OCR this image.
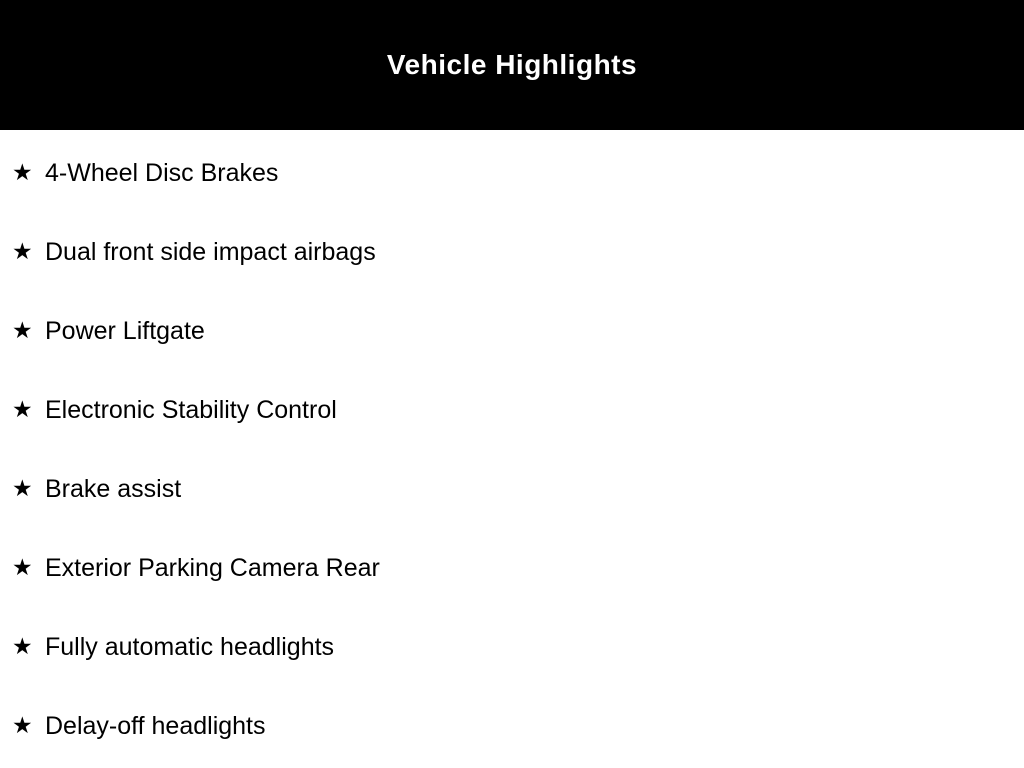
Vehicle Highlights
★ 4-Wheel Disc Brakes
★ Dual front side impact airbags
★ Power Liftgate
★ Electronic Stability Control
★ Brake assist
★ Exterior Parking Camera Rear
★ Fully automatic headlights
★ Delay-off headlights
